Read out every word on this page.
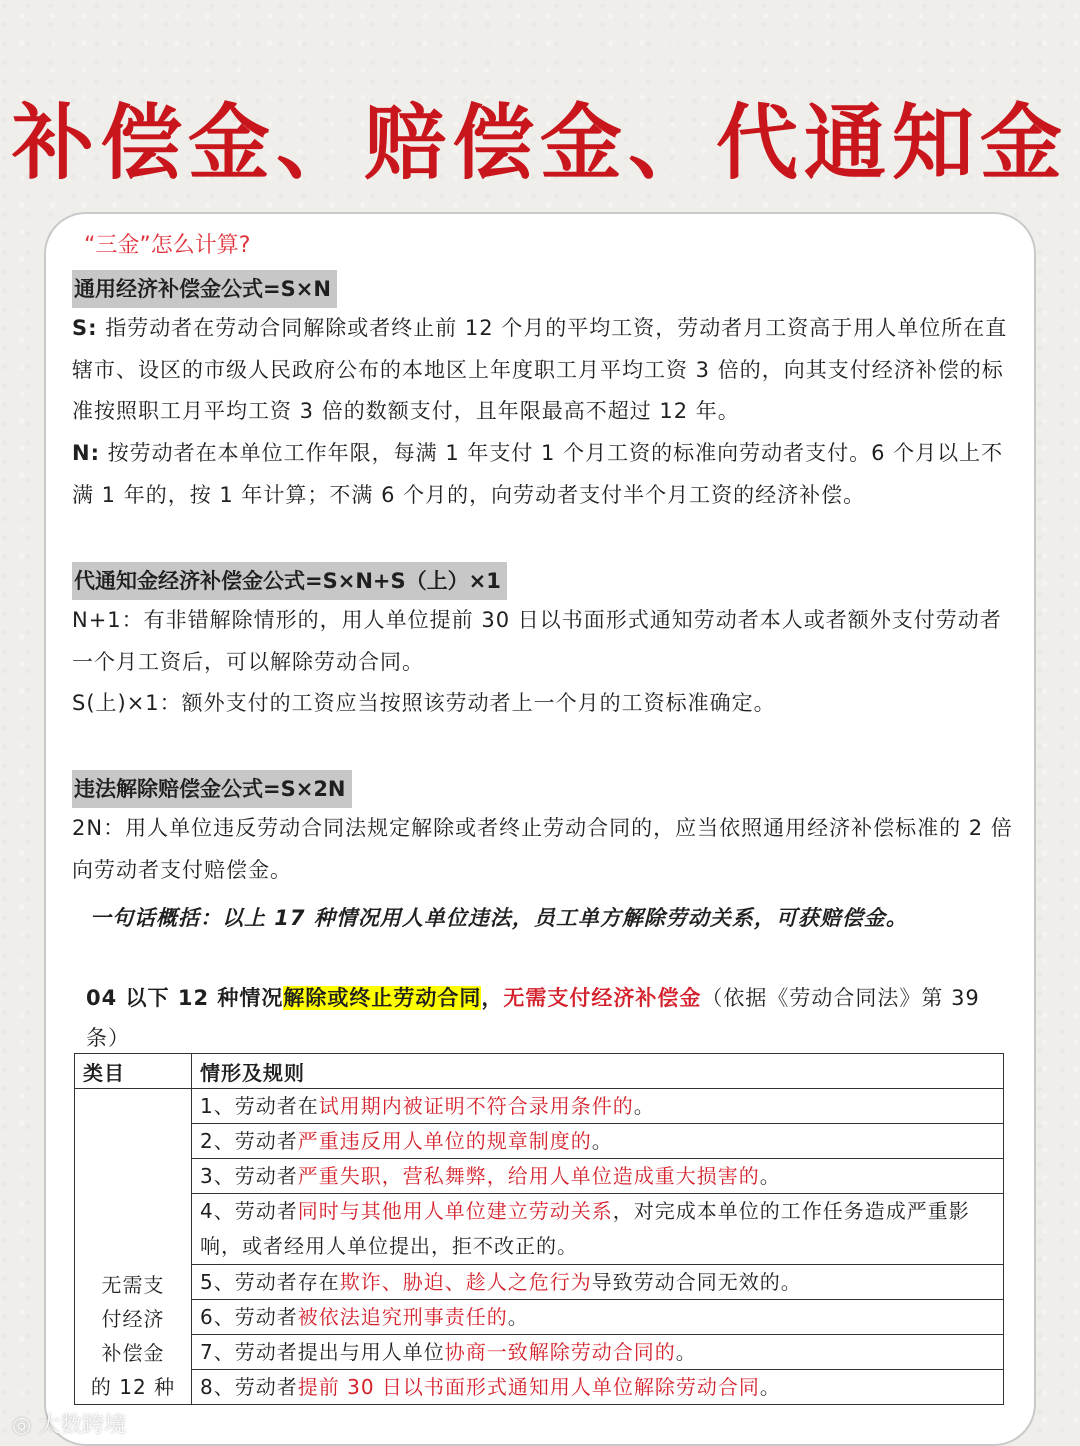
补偿金、赔偿金、代通知金
“三金”怎么计算?
通用经济补偿金公式=S×N
S: 指劳动者在劳动合同解除或者终止前 12 个月的平均工资，劳动者月工资高于用人单位所在直辖市、设区的市级人民政府公布的本地区上年度职工月平均工资 3 倍的，向其支付经济补偿的标准按照职工月平均工资 3 倍的数额支付，且年限最高不超过 12 年。
N: 按劳动者在本单位工作年限，每满 1 年支付 1 个月工资的标准向劳动者支付。6 个月以上不满 1 年的，按 1 年计算；不满 6 个月的，向劳动者支付半个月工资的经济补偿。
代通知金经济补偿金公式=S×N+S（上）×1
N+1：有非错解除情形的，用人单位提前 30 日以书面形式通知劳动者本人或者额外支付劳动者一个月工资后，可以解除劳动合同。
S(上)×1：额外支付的工资应当按照该劳动者上一个月的工资标准确定。
违法解除赔偿金公式=S×2N
2N：用人单位违反劳动合同法规定解除或者终止劳动合同的，应当依照通用经济补偿标准的 2 倍向劳动者支付赔偿金。
一句话概括：以上 17 种情况用人单位违法，员工单方解除劳动关系，可获赔偿金。
04 以下 12 种情况解除或终止劳动合同，无需支付经济补偿金（依据《劳动合同法》第 39 条）
类目	情形及规则

无需支
付经济
补偿金
的 12 种	1、劳动者在试用期内被证明不符合录用条件的。
	2、劳动者严重违反用人单位的规章制度的。
	3、劳动者严重失职，营私舞弊，给用人单位造成重大损害的。
	4、劳动者同时与其他用人单位建立劳动关系，对完成本单位的工作任务造成严重影响，或者经用人单位提出，拒不改正的。
	5、劳动者存在欺诈、胁迫、趁人之危行为导致劳动合同无效的。
	6、劳动者被依法追究刑事责任的。
	7、劳动者提出与用人单位协商一致解除劳动合同的。
	8、劳动者提前 30 日以书面形式通知用人单位解除劳动合同。
◎ 大数跨境
